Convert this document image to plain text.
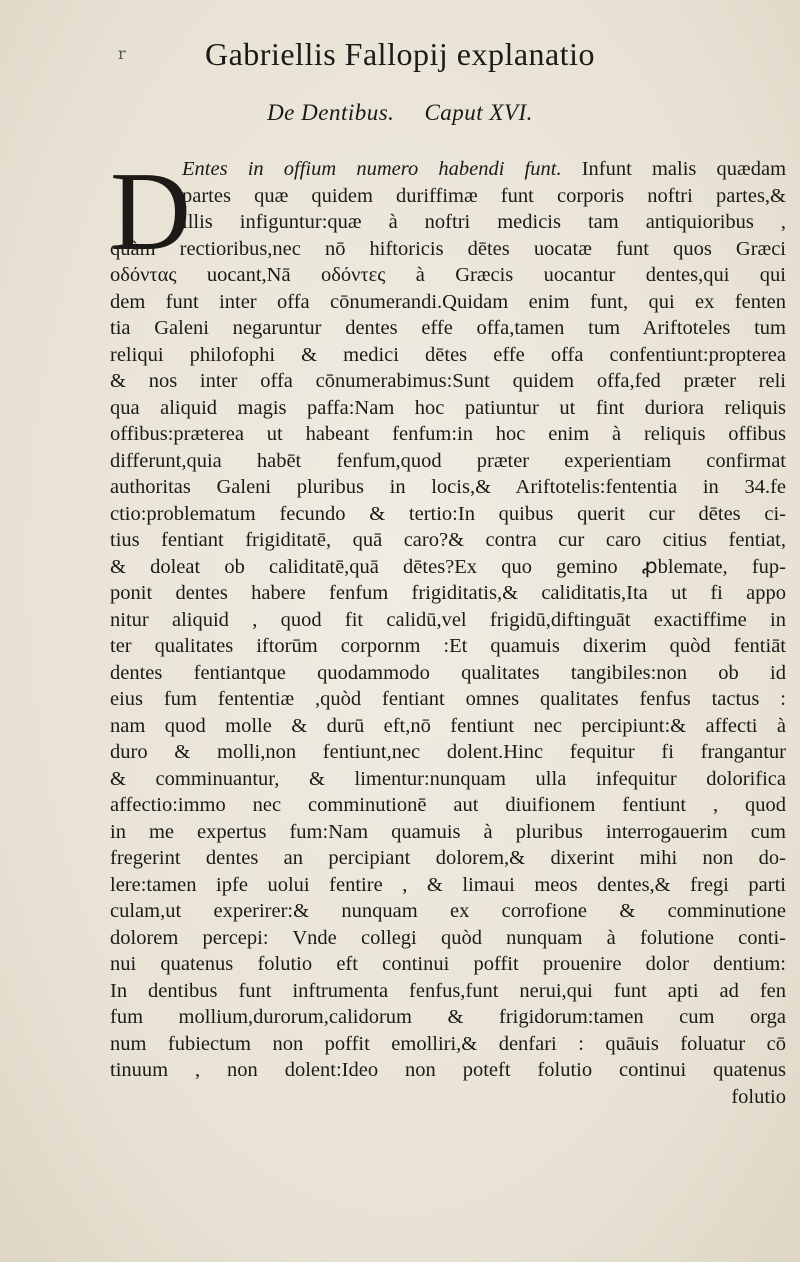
r	Gabriellis Fallopij explanatio
De Dentibus. Caput XVI.
D
Entes in offium numero habendi funt. Infunt malis quædam
partes quæ quidem duriffimæ funt corporis noftri partes,&
illis infiguntur:quæ à noftri medicis tam antiquioribus ,
quàm rectioribus,nec nō hiftoricis dētes uocatæ funt quos Græci
οδόντας uocant,Nā οδόντες à Græcis uocantur dentes,qui qui
dem funt inter offa cōnumerandi.Quidam enim funt, qui ex fenten
tia Galeni negaruntur dentes effe offa,tamen tum Ariftoteles tum
reliqui philofophi & medici dētes effe offa confentiunt:propterea
& nos inter offa cōnumerabimus:Sunt quidem offa,fed præter reli
qua aliquid magis paffa:Nam hoc patiuntur ut fint duriora reliquis
offibus:præterea ut habeant fenfum:in hoc enim à reliquis offibus
differunt,quia habēt fenfum,quod præter experientiam confirmat
authoritas Galeni pluribus in locis,& Ariftotelis:fententia in 34.fe
ctio:problematum fecundo & tertio:In quibus querit cur dētes ci-
tius fentiant frigiditatē, quā caro?& contra cur caro citius fentiat,
& doleat ob caliditatē,quā dētes?Ex quo gemino ꝓblemate, fup-
ponit dentes habere fenfum frigiditatis,& caliditatis,Ita ut fi appo
nitur aliquid , quod fit calidū,vel frigidū,diftinguāt exactiffime in
ter qualitates iftorūm corpornm :Et quamuis dixerim quòd fentiāt
dentes fentiantque quodammodo qualitates tangibiles:non ob id
eius fum fententiæ ,quòd fentiant omnes qualitates fenfus tactus :
nam quod molle & durū eft,nō fentiunt nec percipiunt:& affecti à
duro & molli,non fentiunt,nec dolent.Hinc fequitur fi frangantur
& comminuantur, & limentur:nunquam ulla infequitur dolorifica
affectio:immo nec comminutionē aut diuifionem fentiunt , quod
in me expertus fum:Nam quamuis à pluribus interrogauerim cum
fregerint dentes an percipiant dolorem,& dixerint mihi non do-
lere:tamen ipfe uolui fentire , & limaui meos dentes,& fregi parti
culam,ut experirer:& nunquam ex corrofione & comminutione
dolorem percepi: Vnde collegi quòd nunquam à folutione conti-
nui quatenus folutio eft continui poffit prouenire dolor dentium:
In dentibus funt inftrumenta fenfus,funt nerui,qui funt apti ad fen
fum mollium,durorum,calidorum & frigidorum:tamen cum orga
num fubiectum non poffit emolliri,& denfari : quāuis foluatur cō
tinuum , non dolent:Ideo non poteft folutio continui quatenus
folutio
